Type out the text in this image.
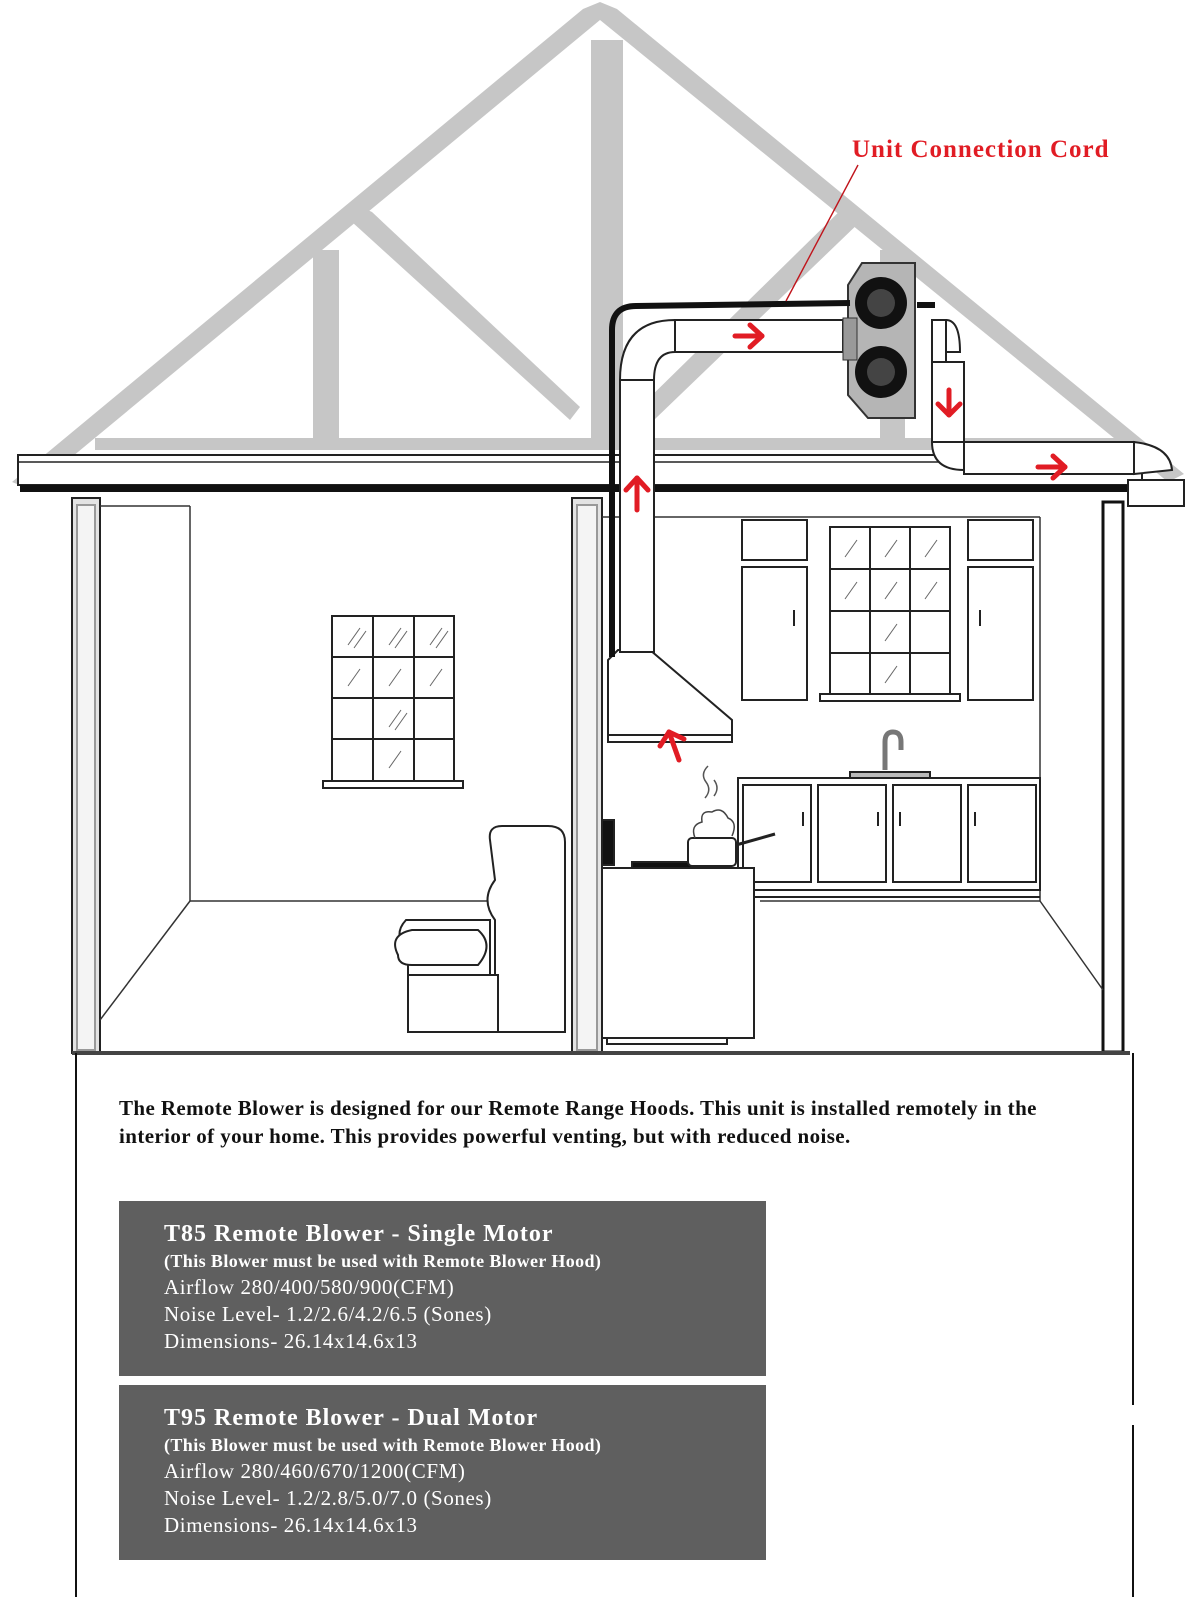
Unit Connection Cord

The Remote Blower is designed for our Remote Range Hoods. This unit is installed remotely in the interior of your home. This provides powerful venting, but with reduced noise.

T85 Remote Blower - Single Motor
(This Blower must be used with Remote Blower Hood)
Airflow 280/400/580/900(CFM)
Noise Level- 1.2/2.6/4.2/6.5 (Sones)
Dimensions- 26.14x14.6x13
T95 Remote Blower - Dual Motor
(This Blower must be used with Remote Blower Hood)
Airflow 280/460/670/1200(CFM)
Noise Level- 1.2/2.8/5.0/7.0 (Sones)
Dimensions- 26.14x14.6x13
